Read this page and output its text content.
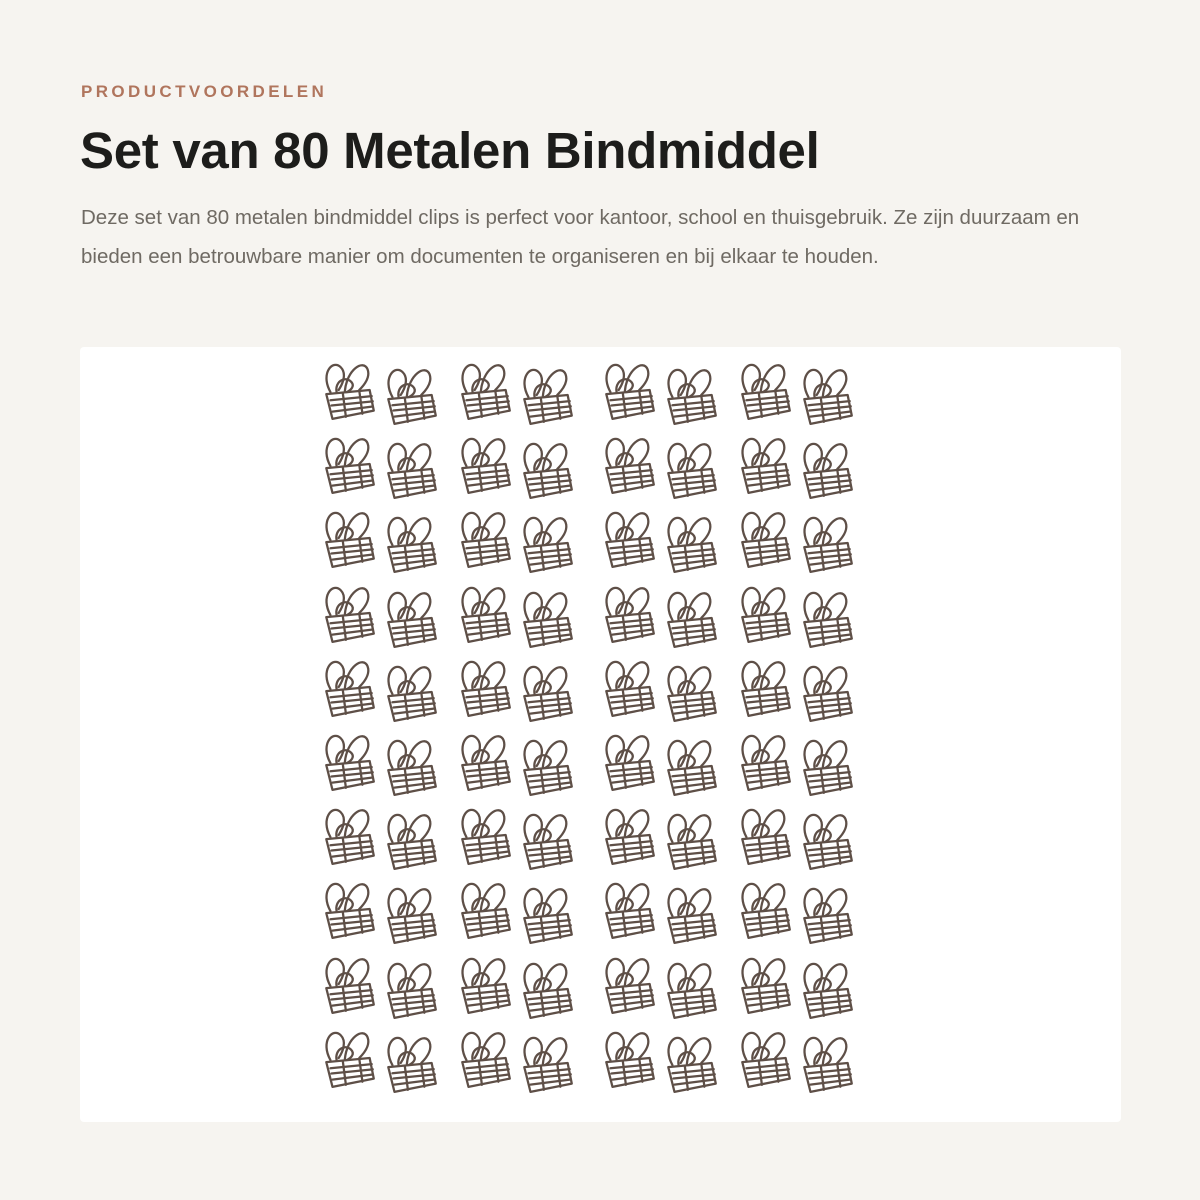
PRODUCTVOORDELEN
Set van 80 Metalen Bindmiddel

Deze set van 80 metalen bindmiddel clips is perfect voor kantoor, school en thuisgebruik. Ze zijn duurzaam en bieden een betrouwbare manier om documenten te organiseren en bij elkaar te houden.
